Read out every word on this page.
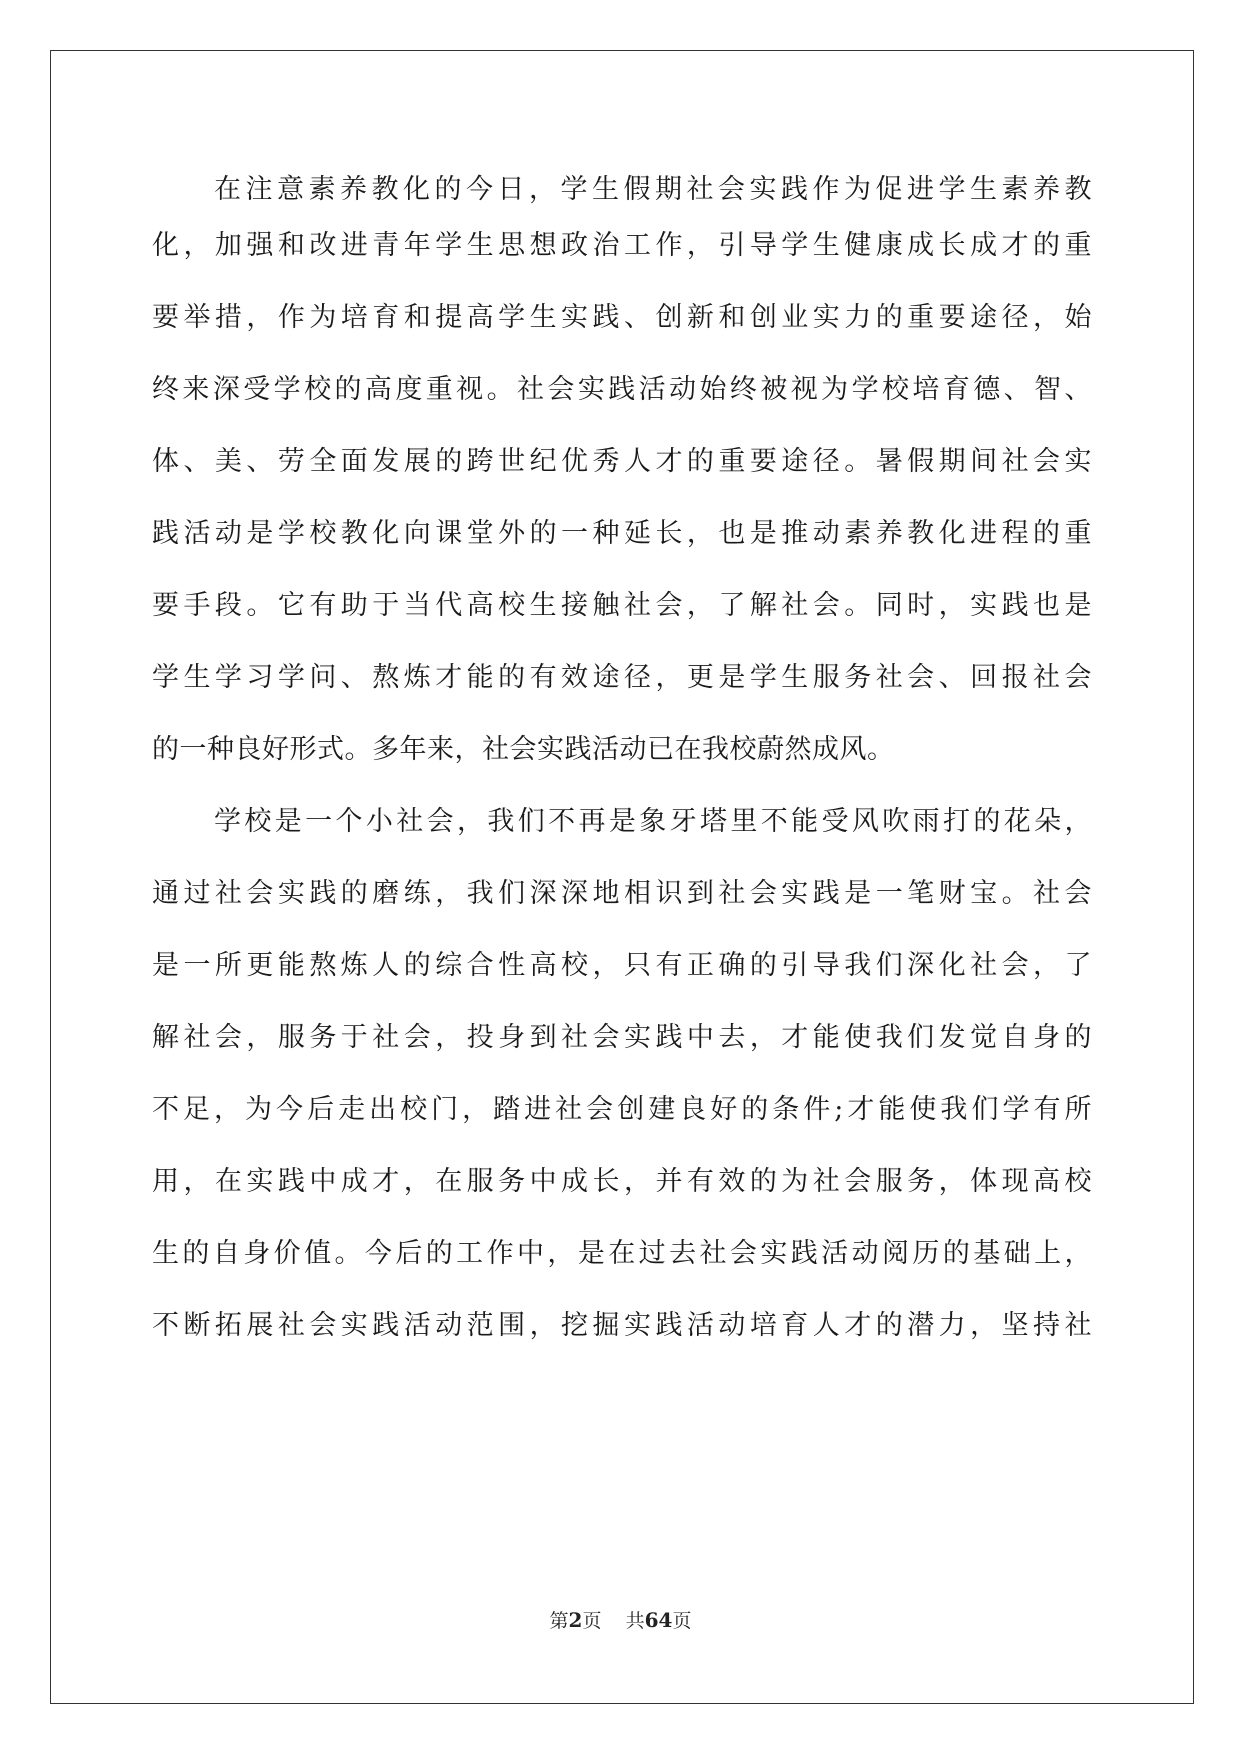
在注意素养教化的今日，学生假期社会实践作为促进学生素养教
化，加强和改进青年学生思想政治工作，引导学生健康成长成才的重
要举措，作为培育和提高学生实践、创新和创业实力的重要途径，始
终来深受学校的高度重视。社会实践活动始终被视为学校培育德、智、
体、美、劳全面发展的跨世纪优秀人才的重要途径。暑假期间社会实
践活动是学校教化向课堂外的一种延长，也是推动素养教化进程的重
要手段。它有助于当代高校生接触社会，了解社会。同时，实践也是
学生学习学问、熬炼才能的有效途径，更是学生服务社会、回报社会
的一种良好形式。多年来，社会实践活动已在我校蔚然成风。
学校是一个小社会，我们不再是象牙塔里不能受风吹雨打的花朵，
通过社会实践的磨练，我们深深地相识到社会实践是一笔财宝。社会
是一所更能熬炼人的综合性高校，只有正确的引导我们深化社会，了
解社会，服务于社会，投身到社会实践中去，才能使我们发觉自身的
不足，为今后走出校门，踏进社会创建良好的条件;才能使我们学有所
用，在实践中成才，在服务中成长，并有效的为社会服务，体现高校
生的自身价值。今后的工作中，是在过去社会实践活动阅历的基础上，
不断拓展社会实践活动范围，挖掘实践活动培育人才的潜力，坚持社
第2页 共64页
